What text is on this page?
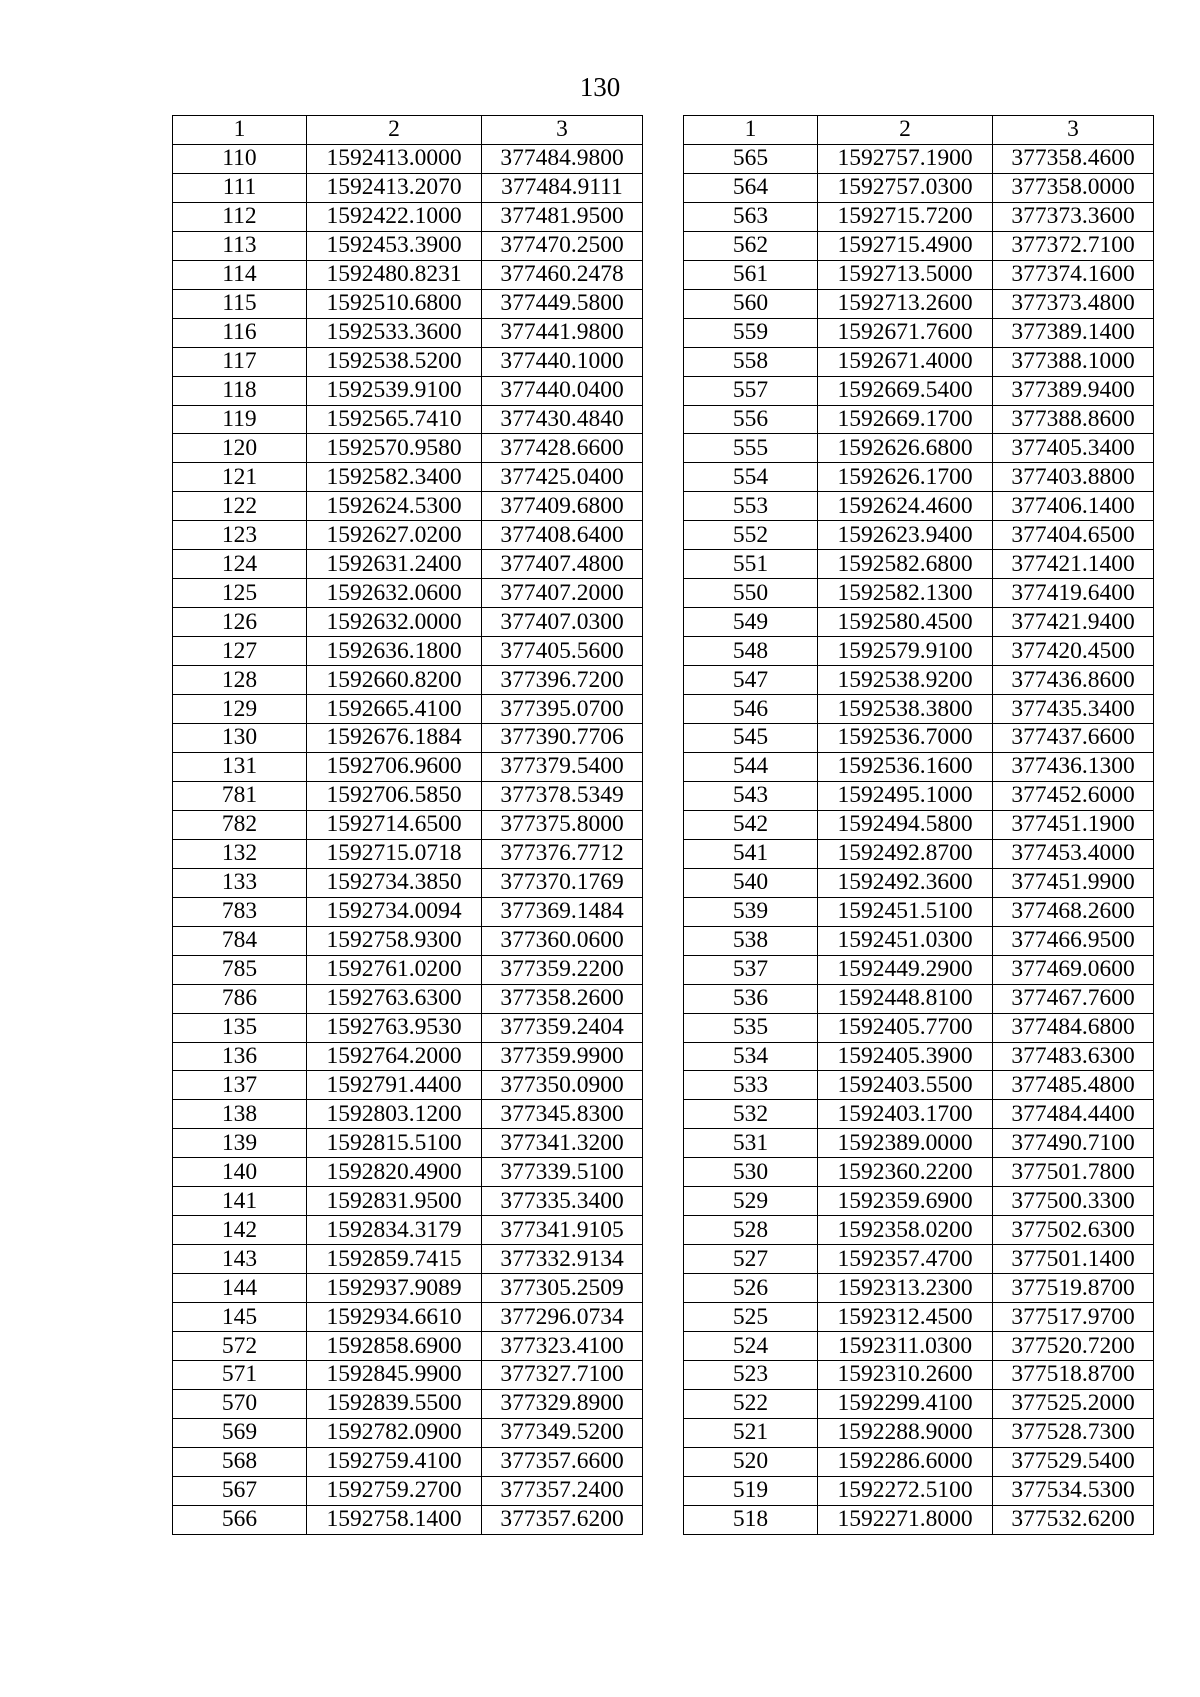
130
1	2	3
110	1592413.0000	377484.9800
111	1592413.2070	377484.9111
112	1592422.1000	377481.9500
113	1592453.3900	377470.2500
114	1592480.8231	377460.2478
115	1592510.6800	377449.5800
116	1592533.3600	377441.9800
117	1592538.5200	377440.1000
118	1592539.9100	377440.0400
119	1592565.7410	377430.4840
120	1592570.9580	377428.6600
121	1592582.3400	377425.0400
122	1592624.5300	377409.6800
123	1592627.0200	377408.6400
124	1592631.2400	377407.4800
125	1592632.0600	377407.2000
126	1592632.0000	377407.0300
127	1592636.1800	377405.5600
128	1592660.8200	377396.7200
129	1592665.4100	377395.0700
130	1592676.1884	377390.7706
131	1592706.9600	377379.5400
781	1592706.5850	377378.5349
782	1592714.6500	377375.8000
132	1592715.0718	377376.7712
133	1592734.3850	377370.1769
783	1592734.0094	377369.1484
784	1592758.9300	377360.0600
785	1592761.0200	377359.2200
786	1592763.6300	377358.2600
135	1592763.9530	377359.2404
136	1592764.2000	377359.9900
137	1592791.4400	377350.0900
138	1592803.1200	377345.8300
139	1592815.5100	377341.3200
140	1592820.4900	377339.5100
141	1592831.9500	377335.3400
142	1592834.3179	377341.9105
143	1592859.7415	377332.9134
144	1592937.9089	377305.2509
145	1592934.6610	377296.0734
572	1592858.6900	377323.4100
571	1592845.9900	377327.7100
570	1592839.5500	377329.8900
569	1592782.0900	377349.5200
568	1592759.4100	377357.6600
567	1592759.2700	377357.2400
566	1592758.1400	377357.6200
1	2	3
565	1592757.1900	377358.4600
564	1592757.0300	377358.0000
563	1592715.7200	377373.3600
562	1592715.4900	377372.7100
561	1592713.5000	377374.1600
560	1592713.2600	377373.4800
559	1592671.7600	377389.1400
558	1592671.4000	377388.1000
557	1592669.5400	377389.9400
556	1592669.1700	377388.8600
555	1592626.6800	377405.3400
554	1592626.1700	377403.8800
553	1592624.4600	377406.1400
552	1592623.9400	377404.6500
551	1592582.6800	377421.1400
550	1592582.1300	377419.6400
549	1592580.4500	377421.9400
548	1592579.9100	377420.4500
547	1592538.9200	377436.8600
546	1592538.3800	377435.3400
545	1592536.7000	377437.6600
544	1592536.1600	377436.1300
543	1592495.1000	377452.6000
542	1592494.5800	377451.1900
541	1592492.8700	377453.4000
540	1592492.3600	377451.9900
539	1592451.5100	377468.2600
538	1592451.0300	377466.9500
537	1592449.2900	377469.0600
536	1592448.8100	377467.7600
535	1592405.7700	377484.6800
534	1592405.3900	377483.6300
533	1592403.5500	377485.4800
532	1592403.1700	377484.4400
531	1592389.0000	377490.7100
530	1592360.2200	377501.7800
529	1592359.6900	377500.3300
528	1592358.0200	377502.6300
527	1592357.4700	377501.1400
526	1592313.2300	377519.8700
525	1592312.4500	377517.9700
524	1592311.0300	377520.7200
523	1592310.2600	377518.8700
522	1592299.4100	377525.2000
521	1592288.9000	377528.7300
520	1592286.6000	377529.5400
519	1592272.5100	377534.5300
518	1592271.8000	377532.6200
